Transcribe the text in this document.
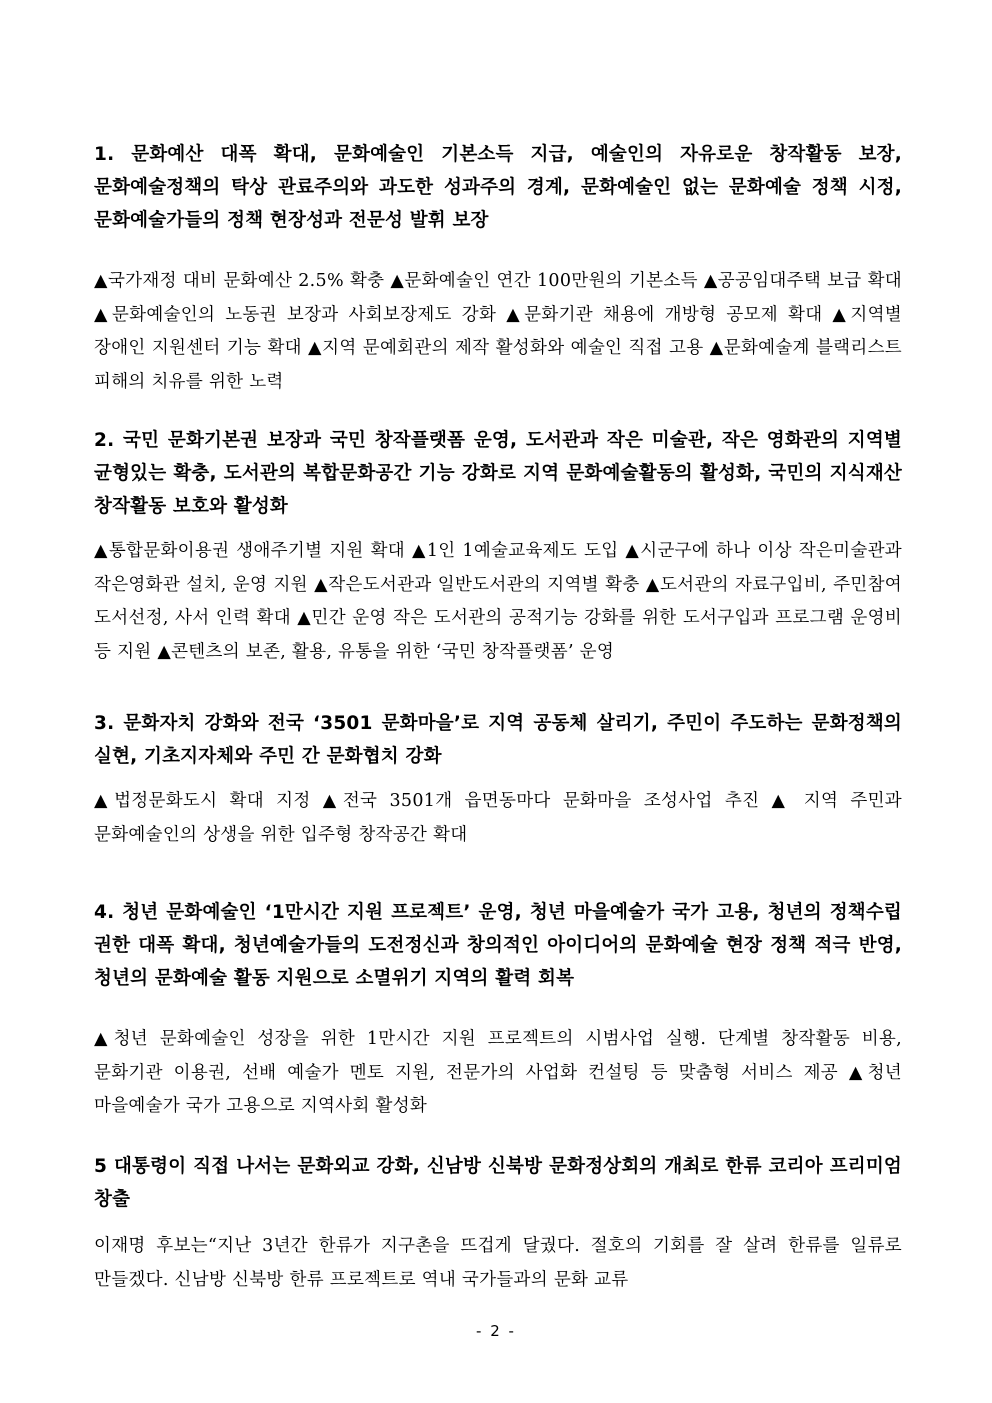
1. 문화예산 대폭 확대, 문화예술인 기본소득 지급, 예술인의 자유로운 창작활동 보장, 문화예술정책의 탁상 관료주의와 과도한 성과주의 경계, 문화예술인 없는 문화예술 정책 시정, 문화예술가들의 정책 현장성과 전문성 발휘 보장
▲국가재정 대비 문화예산 2.5% 확충 ▲문화예술인 연간 100만원의 기본소득 ▲공공임대주택 보급 확대 ▲문화예술인의 노동권 보장과 사회보장제도 강화 ▲문화기관 채용에 개방형 공모제 확대 ▲지역별 장애인 지원센터 기능 확대 ▲지역 문예회관의 제작 활성화와 예술인 직접 고용 ▲문화예술계 블랙리스트 피해의 치유를 위한 노력
2. 국민 문화기본권 보장과 국민 창작플랫폼 운영, 도서관과 작은 미술관, 작은 영화관의 지역별 균형있는 확충, 도서관의 복합문화공간 기능 강화로 지역 문화예술활동의 활성화, 국민의 지식재산 창작활동 보호와 활성화
▲통합문화이용권 생애주기별 지원 확대 ▲1인 1예술교육제도 도입 ▲시군구에 하나 이상 작은미술관과 작은영화관 설치, 운영 지원 ▲작은도서관과 일반도서관의 지역별 확충 ▲도서관의 자료구입비, 주민참여 도서선정, 사서 인력 확대 ▲민간 운영 작은 도서관의 공적기능 강화를 위한 도서구입과 프로그램 운영비 등 지원 ▲콘텐츠의 보존, 활용, 유통을 위한 ‘국민 창작플랫폼’ 운영
3. 문화자치 강화와 전국 ‘3501 문화마을’로 지역 공동체 살리기, 주민이 주도하는 문화정책의 실현, 기초지자체와 주민 간 문화협치 강화
▲법정문화도시 확대 지정 ▲전국 3501개 읍면동마다 문화마을 조성사업 추진 ▲ 지역 주민과 문화예술인의 상생을 위한 입주형 창작공간 확대
4. 청년 문화예술인 ‘1만시간 지원 프로젝트’ 운영, 청년 마을예술가 국가 고용, 청년의 정책수립 권한 대폭 확대, 청년예술가들의 도전정신과 창의적인 아이디어의 문화예술 현장 정책 적극 반영, 청년의 문화예술 활동 지원으로 소멸위기 지역의 활력 회복
▲청년 문화예술인 성장을 위한 1만시간 지원 프로젝트의 시범사업 실행. 단계별 창작활동 비용, 문화기관 이용권, 선배 예술가 멘토 지원, 전문가의 사업화 컨설팅 등 맞춤형 서비스 제공 ▲청년 마을예술가 국가 고용으로 지역사회 활성화
5 대통령이 직접 나서는 문화외교 강화, 신남방 신북방 문화정상회의 개최로 한류 코리아 프리미엄 창출
이재명 후보는“지난 3년간 한류가 지구촌을 뜨겁게 달궜다. 절호의 기회를 잘 살려 한류를 일류로 만들겠다. 신남방 신북방 한류 프로젝트로 역내 국가들과의 문화 교류
- 2 -
